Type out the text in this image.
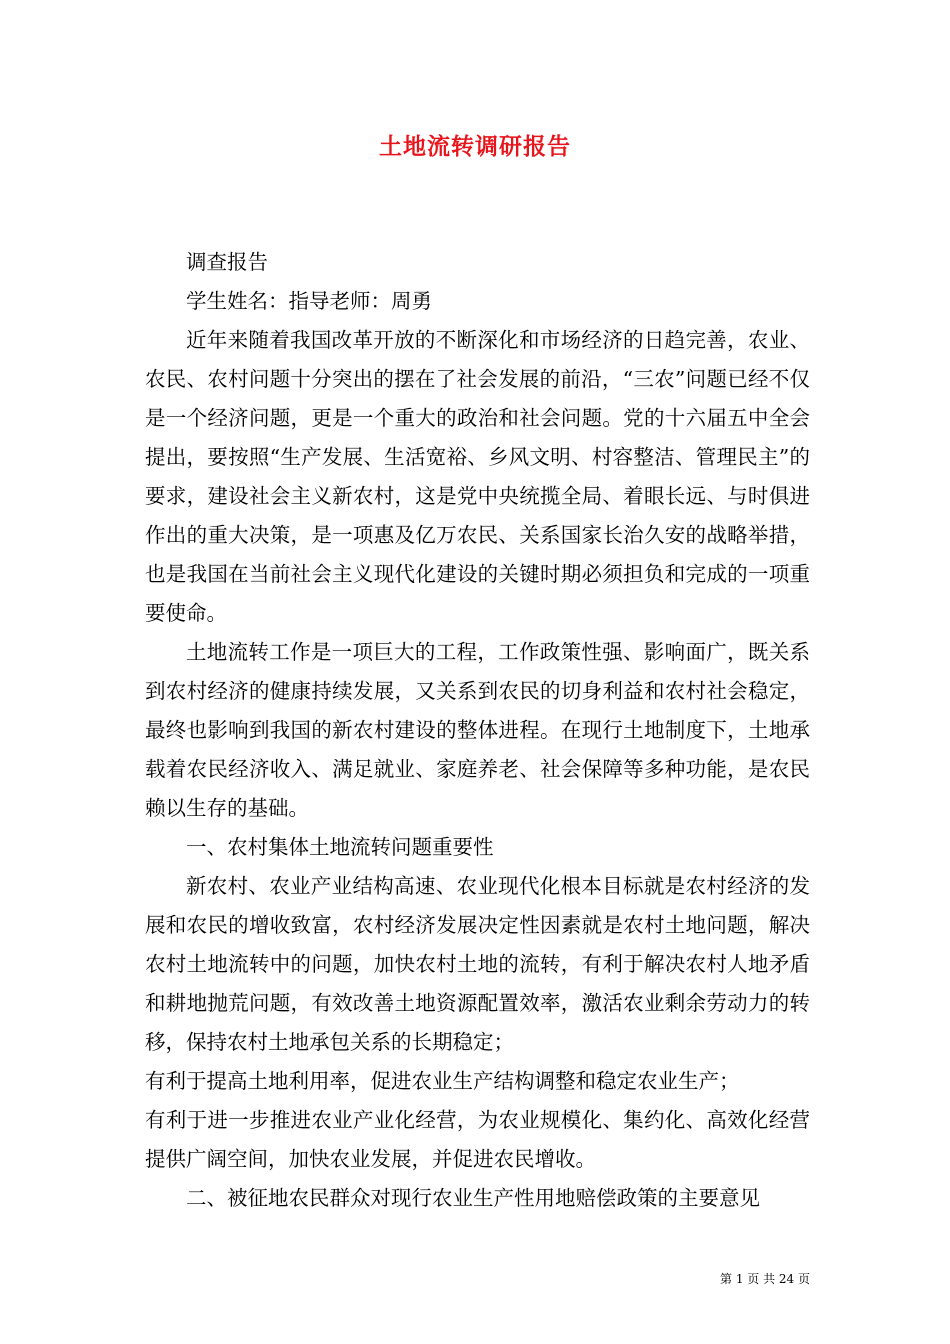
土地流转调研报告

调查报告

学生姓名：指导老师：周勇

近年来随着我国改革开放的不断深化和市场经济的日趋完善，农业、农民、农村问题十分突出的摆在了社会发展的前沿，“三农”问题已经不仅是一个经济问题，更是一个重大的政治和社会问题。党的十六届五中全会提出，要按照“生产发展、生活宽裕、乡风文明、村容整洁、管理民主”的要求，建设社会主义新农村，这是党中央统揽全局、着眼长远、与时俱进作出的重大决策，是一项惠及亿万农民、关系国家长治久安的战略举措，也是我国在当前社会主义现代化建设的关键时期必须担负和完成的一项重要使命。

土地流转工作是一项巨大的工程，工作政策性强、影响面广，既关系到农村经济的健康持续发展，又关系到农民的切身利益和农村社会稳定，最终也影响到我国的新农村建设的整体进程。在现行土地制度下，土地承载着农民经济收入、满足就业、家庭养老、社会保障等多种功能，是农民赖以生存的基础。

一、农村集体土地流转问题重要性

新农村、农业产业结构高速、农业现代化根本目标就是农村经济的发展和农民的增收致富，农村经济发展决定性因素就是农村土地问题，解决农村土地流转中的问题，加快农村土地的流转，有利于解决农村人地矛盾和耕地抛荒问题，有效改善土地资源配置效率，激活农业剩余劳动力的转移，保持农村土地承包关系的长期稳定；

有利于提高土地利用率，促进农业生产结构调整和稳定农业生产；

有利于进一步推进农业产业化经营，为农业规模化、集约化、高效化经营提供广阔空间，加快农业发展，并促进农民增收。

二、被征地农民群众对现行农业生产性用地赔偿政策的主要意见

第 1 页 共 24 页
